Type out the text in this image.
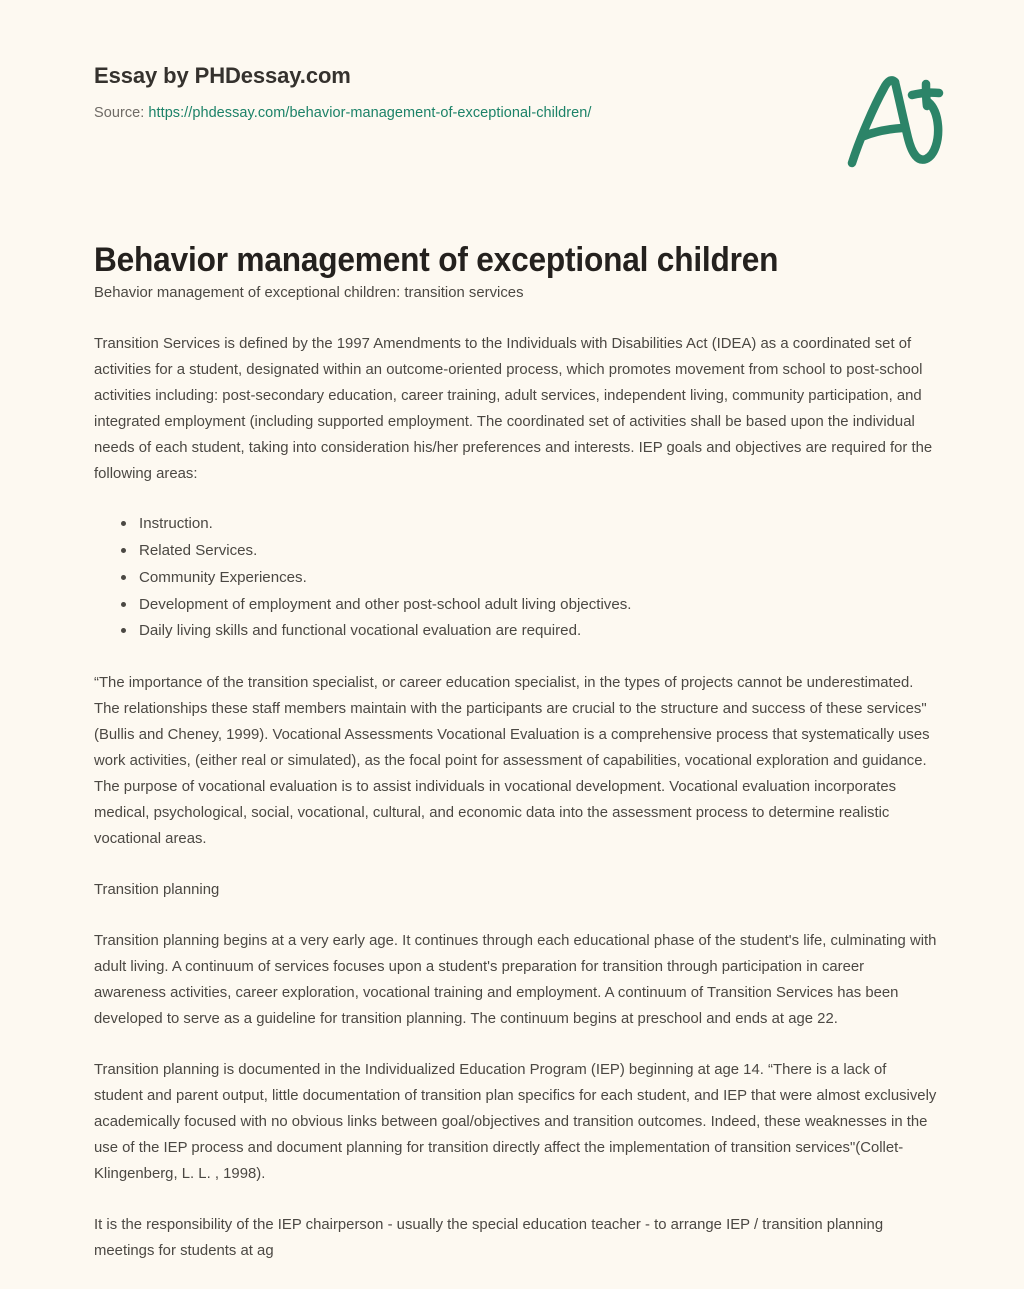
Essay by PHDessay.com
Source: https://phdessay.com/behavior-management-of-exceptional-children/
Behavior management of exceptional children

Behavior management of exceptional children: transition services

Transition Services is defined by the 1997 Amendments to the Individuals with Disabilities Act (IDEA) as a coordinated set of activities for a student, designated within an outcome-oriented process, which promotes movement from school to post-school activities including: post-secondary education, career training, adult services, independent living, community participation, and integrated employment (including supported employment. The coordinated set of activities shall be based upon the individual needs of each student, taking into consideration his/her preferences and interests. IEP goals and objectives are required for the following areas:

Instruction.
Related Services.
Community Experiences.
Development of employment and other post-school adult living objectives.
Daily living skills and functional vocational evaluation are required.

“The importance of the transition specialist, or career education specialist, in the types of projects cannot be underestimated. The relationships these staff members maintain with the participants are crucial to the structure and success of these services"(Bullis and Cheney, 1999). Vocational Assessments Vocational Evaluation is a comprehensive process that systematically uses work activities, (either real or simulated), as the focal point for assessment of capabilities, vocational exploration and guidance. The purpose of vocational evaluation is to assist individuals in vocational development. Vocational evaluation incorporates medical, psychological, social, vocational, cultural, and economic data into the assessment process to determine realistic vocational areas.

Transition planning

Transition planning begins at a very early age. It continues through each educational phase of the student's life, culminating with adult living. A continuum of services focuses upon a student's preparation for transition through participation in career awareness activities, career exploration, vocational training and employment. A continuum of Transition Services has been developed to serve as a guideline for transition planning. The continuum begins at preschool and ends at age 22.

Transition planning is documented in the Individualized Education Program (IEP) beginning at age 14. “There is a lack of student and parent output, little documentation of transition plan specifics for each student, and IEP that were almost exclusively academically focused with no obvious links between goal/objectives and transition outcomes. Indeed, these weaknesses in the use of the IEP process and document planning for transition directly affect the implementation of transition services"(Collet-Klingenberg, L. L. , 1998).

It is the responsibility of the IEP chairperson - usually the special education teacher - to arrange IEP / transition planning meetings for students at ag
